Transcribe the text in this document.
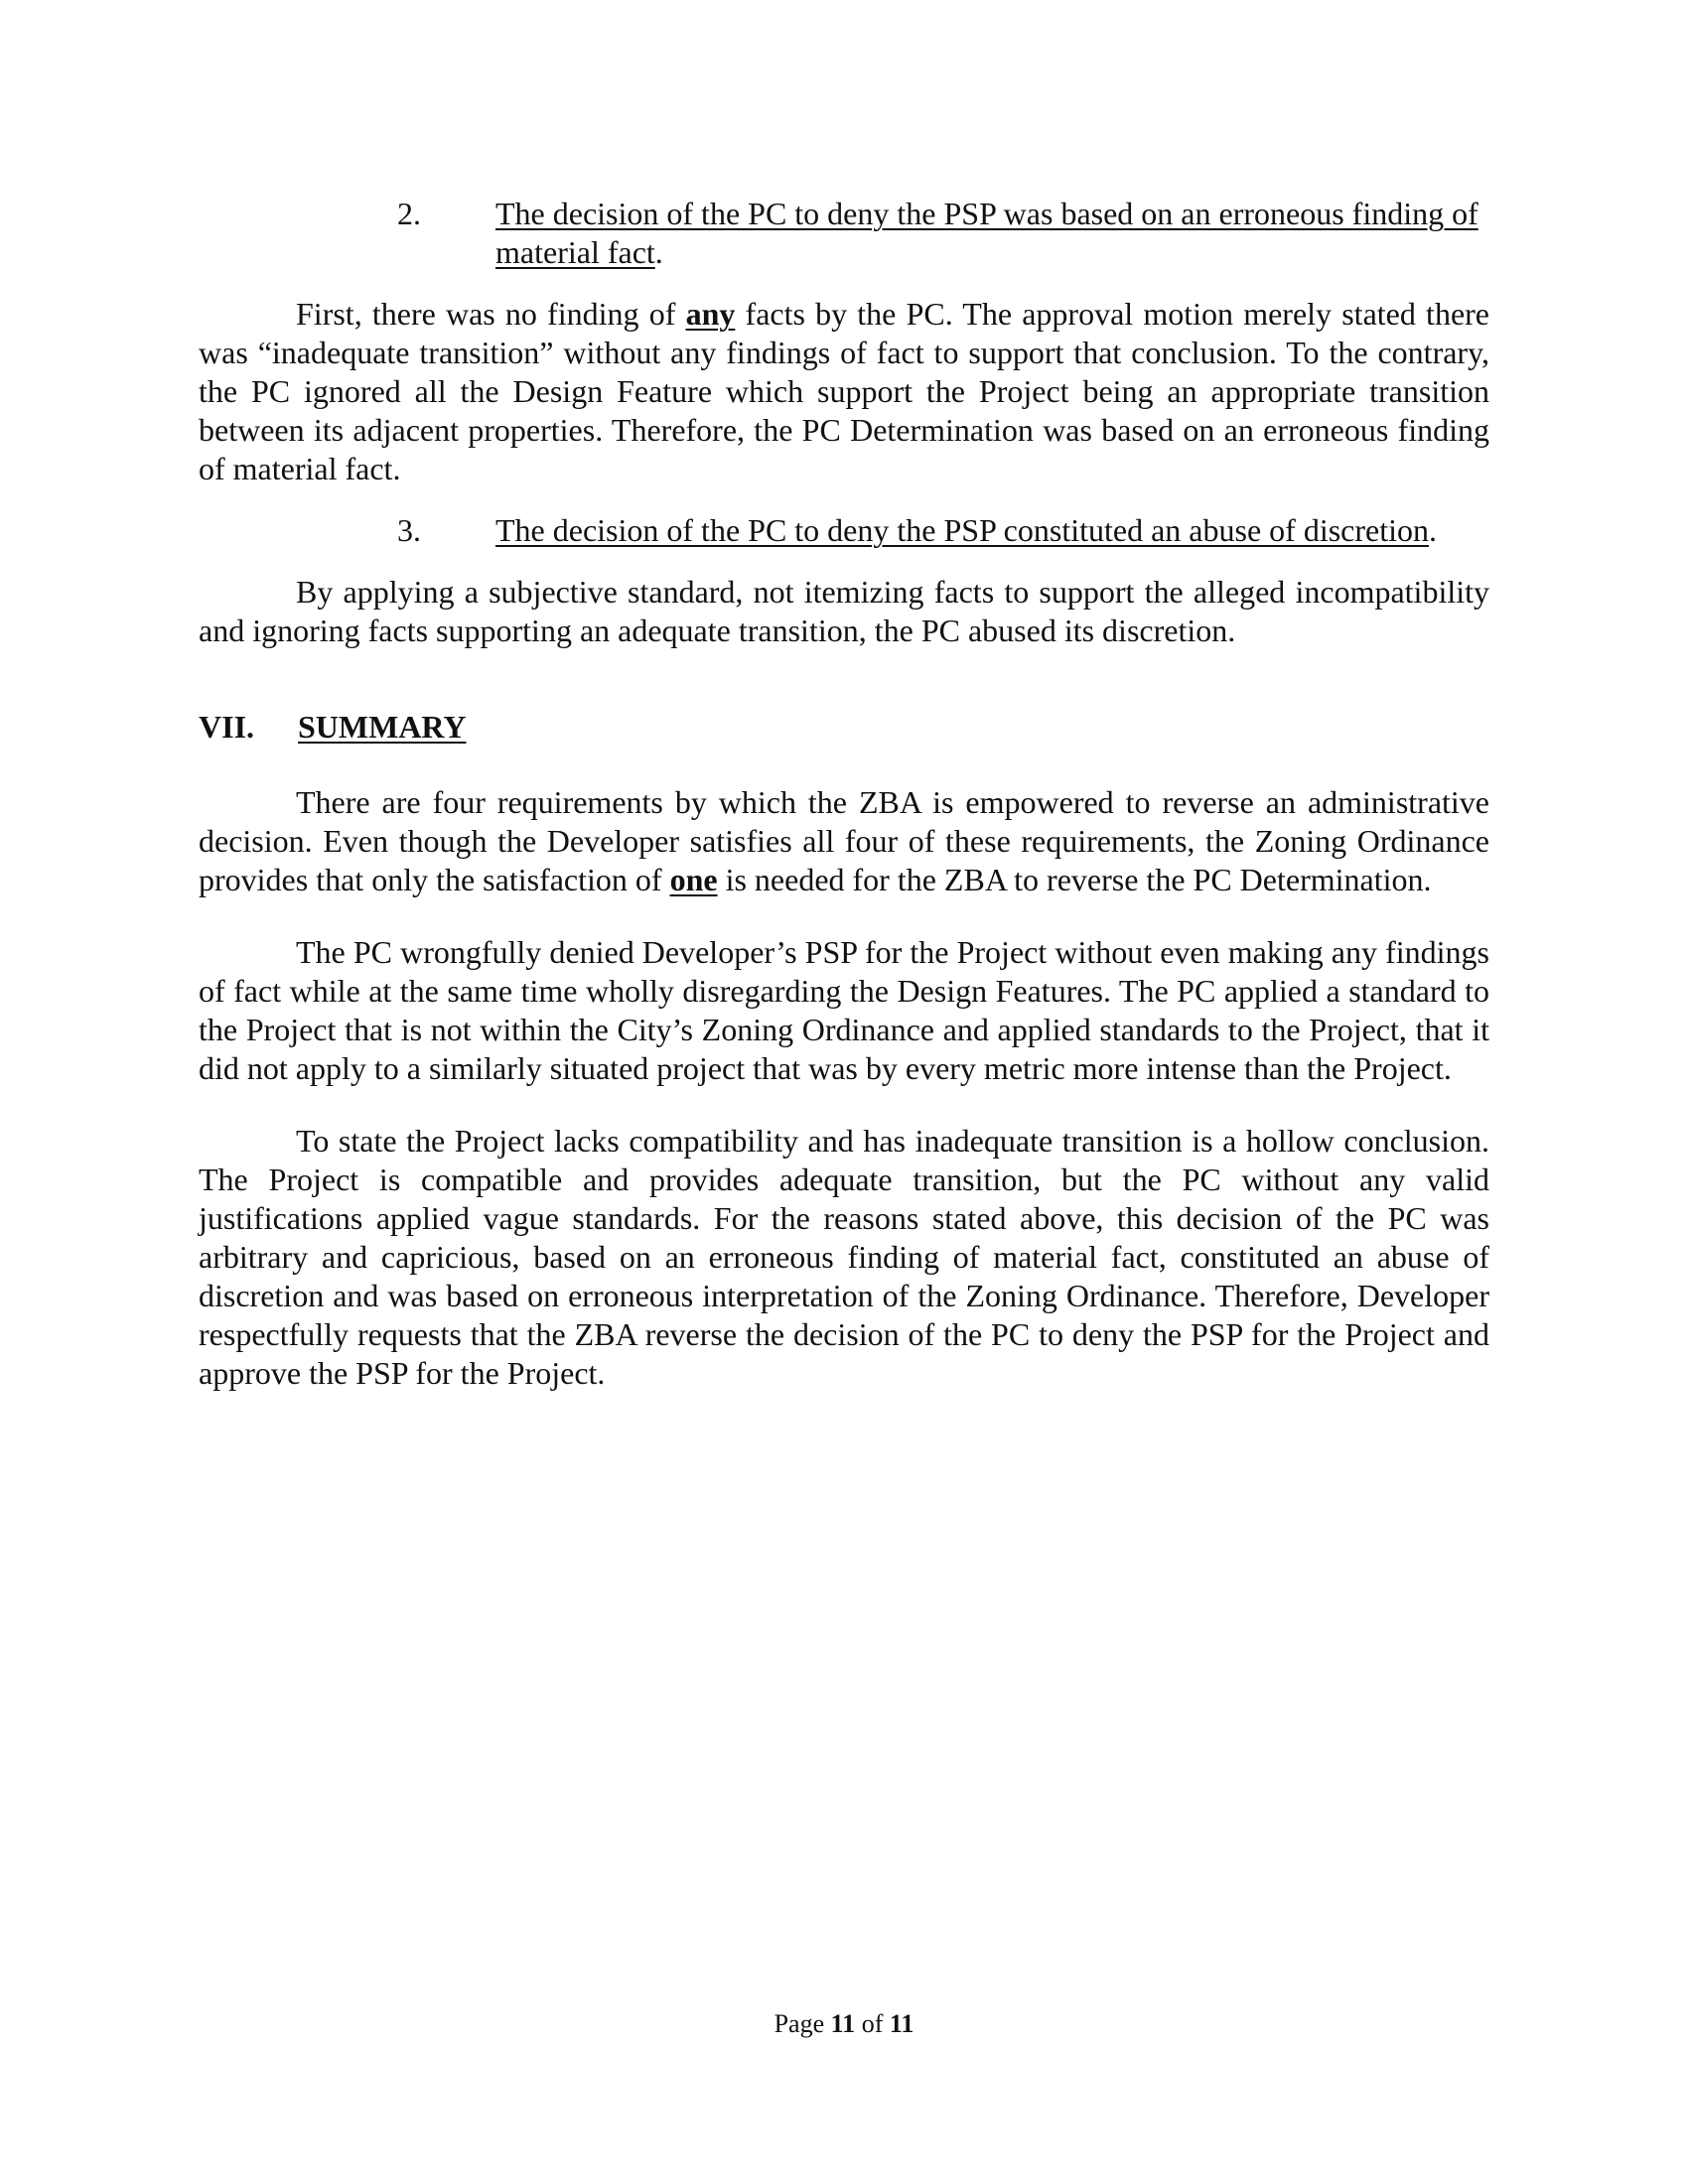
2. The decision of the PC to deny the PSP was based on an erroneous finding of material fact.

First, there was no finding of any facts by the PC. The approval motion merely stated there was “inadequate transition” without any findings of fact to support that conclusion. To the contrary, the PC ignored all the Design Feature which support the Project being an appropriate transition between its adjacent properties. Therefore, the PC Determination was based on an erroneous finding of material fact.

3. The decision of the PC to deny the PSP constituted an abuse of discretion.

By applying a subjective standard, not itemizing facts to support the alleged incompatibility and ignoring facts supporting an adequate transition, the PC abused its discretion.

VII. SUMMARY

There are four requirements by which the ZBA is empowered to reverse an administrative decision. Even though the Developer satisfies all four of these requirements, the Zoning Ordinance provides that only the satisfaction of one is needed for the ZBA to reverse the PC Determination.

The PC wrongfully denied Developer’s PSP for the Project without even making any findings of fact while at the same time wholly disregarding the Design Features. The PC applied a standard to the Project that is not within the City’s Zoning Ordinance and applied standards to the Project, that it did not apply to a similarly situated project that was by every metric more intense than the Project.

To state the Project lacks compatibility and has inadequate transition is a hollow conclusion. The Project is compatible and provides adequate transition, but the PC without any valid justifications applied vague standards. For the reasons stated above, this decision of the PC was arbitrary and capricious, based on an erroneous finding of material fact, constituted an abuse of discretion and was based on erroneous interpretation of the Zoning Ordinance. Therefore, Developer respectfully requests that the ZBA reverse the decision of the PC to deny the PSP for the Project and approve the PSP for the Project.

Page 11 of 11
